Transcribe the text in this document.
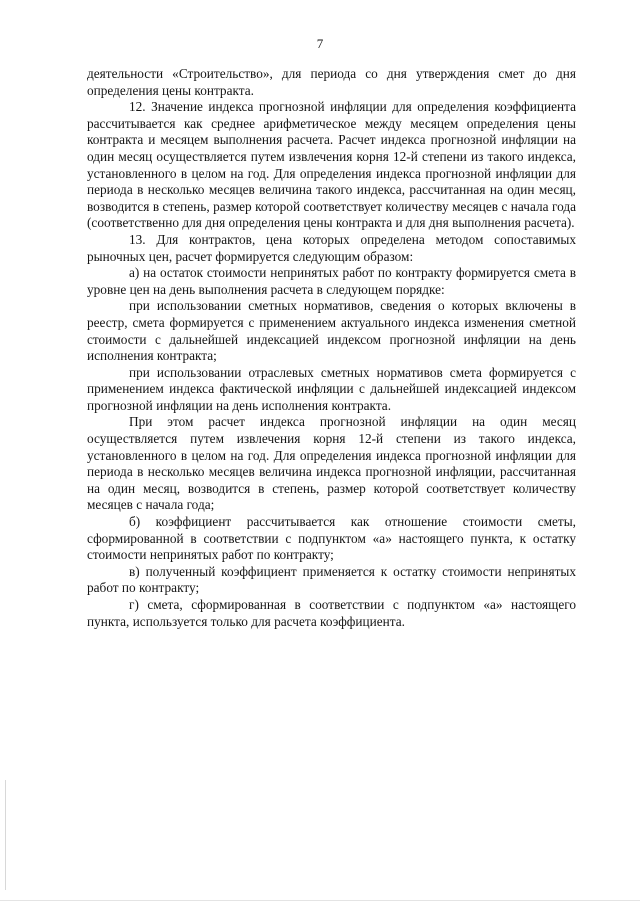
7

деятельности «Строительство», для периода со дня утверждения смет до дня определения цены контракта.

12. Значение индекса прогнозной инфляции для определения коэффициента рассчитывается как среднее арифметическое между месяцем определения цены контракта и месяцем выполнения расчета. Расчет индекса прогнозной инфляции на один месяц осуществляется путем извлечения корня 12-й степени из такого индекса, установленного в целом на год. Для определения индекса прогнозной инфляции для периода в несколько месяцев величина такого индекса, рассчитанная на один месяц, возводится в степень, размер которой соответствует количеству месяцев с начала года (соответственно для дня определения цены контракта и для дня выполнения расчета).

13. Для контрактов, цена которых определена методом сопоставимых рыночных цен, расчет формируется следующим образом:

а) на остаток стоимости непринятых работ по контракту формируется смета в уровне цен на день выполнения расчета в следующем порядке:

при использовании сметных нормативов, сведения о которых включены в реестр, смета формируется с применением актуального индекса изменения сметной стоимости с дальнейшей индексацией индексом прогнозной инфляции на день исполнения контракта;

при использовании отраслевых сметных нормативов смета формируется с применением индекса фактической инфляции с дальнейшей индексацией индексом прогнозной инфляции на день исполнения контракта.

При этом расчет индекса прогнозной инфляции на один месяц осуществляется путем извлечения корня 12-й степени из такого индекса, установленного в целом на год. Для определения индекса прогнозной инфляции для периода в несколько месяцев величина индекса прогнозной инфляции, рассчитанная на один месяц, возводится в степень, размер которой соответствует количеству месяцев с начала года;

б) коэффициент рассчитывается как отношение стоимости сметы, сформированной в соответствии с подпунктом «а» настоящего пункта, к остатку стоимости непринятых работ по контракту;

в) полученный коэффициент применяется к остатку стоимости непринятых работ по контракту;

г) смета, сформированная в соответствии с подпунктом «а» настоящего пункта, используется только для расчета коэффициента.
